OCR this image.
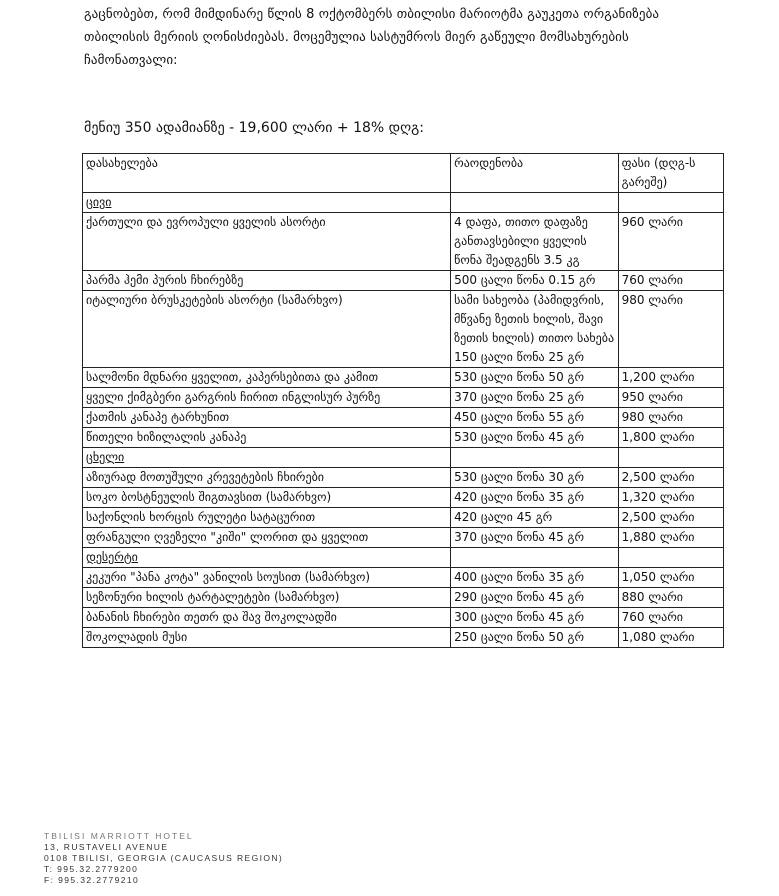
გაცნობებთ, რომ მიმდინარე წლის 8 ოქტომბერს თბილისი მარიოტმა გაუკეთა ორგანიზება თბილისის მერიის ღონისძიებას. მოცემულია სასტუმროს მიერ გაწეული მომსახურების ჩამონათვალი:
მენიუ 350 ადამიანზე - 19,600 ლარი + 18% დღგ:
დასახელება	რაოდენობა	ფასი (დღგ-ს გარეშე)
ცივი		
ქართული და ევროპული ყველის ასორტი	4 დაფა, თითო დაფაზე განთავსებილი ყველის წონა შეადგენს 3.5 კგ	960 ლარი
პარმა ჰემი პურის ჩხირებზე	500 ცალი წონა 0.15 გრ	760 ლარი
იტალიური ბრუსკეტების ასორტი (სამარხვო)	სამი სახეობა (პამიდვრის, მწვანე ზეთის ხილის, შავი ზეთის ხილის) თითო სახება 150 ცალი წონა 25 გრ	980 ლარი
სალმონი მდნარი ყველით, კაპერსებითა და კამით	530 ცალი წონა 50 გრ	1,200 ლარი
ყველი ქიმგბერი გარგრის ჩირით ინგლისურ პურზე	370 ცალი წონა 25 გრ	950 ლარი
ქათმის კანაპე ტარხუნით	450 ცალი წონა 55 გრ	980 ლარი
წითელი ხიზილალის კანაპე	530 ცალი წონა 45 გრ	1,800 ლარი
ცხელი		
აზიურად მოთუშული კრევეტების ჩხირები	530 ცალი წონა 30 გრ	2,500 ლარი
სოკო ბოსტნეულის შიგთავსით (სამარხვო)	420 ცალი წონა 35 გრ	1,320 ლარი
საქონლის ხორცის რულეტი სატაცურით	420 ცალი 45 გრ	2,500 ლარი
ფრანგული ღვეზელი "კიში" ლორით და ყველით	370 ცალი წონა 45 გრ	1,880 ლარი
დესერტი		
კეკური "პანა კოტა" ვანილის სოუსით (სამარხვო)	400 ცალი წონა 35 გრ	1,050 ლარი
სეზონური ხილის ტარტალეტები (სამარხვო)	290 ცალი წონა 45 გრ	880 ლარი
ბანანის ჩხირები თეთრ და შავ შოკოლადში	300 ცალი წონა 45 გრ	760 ლარი
შოკოლადის მუსი	250 ცალი წონა 50 გრ	1,080 ლარი
TBILISI MARRIOTT HOTEL
13, RUSTAVELI AVENUE
0108 TBILISI, GEORGIA (CAUCASUS REGION)
T: 995.32.2779200
F: 995.32.2779210
